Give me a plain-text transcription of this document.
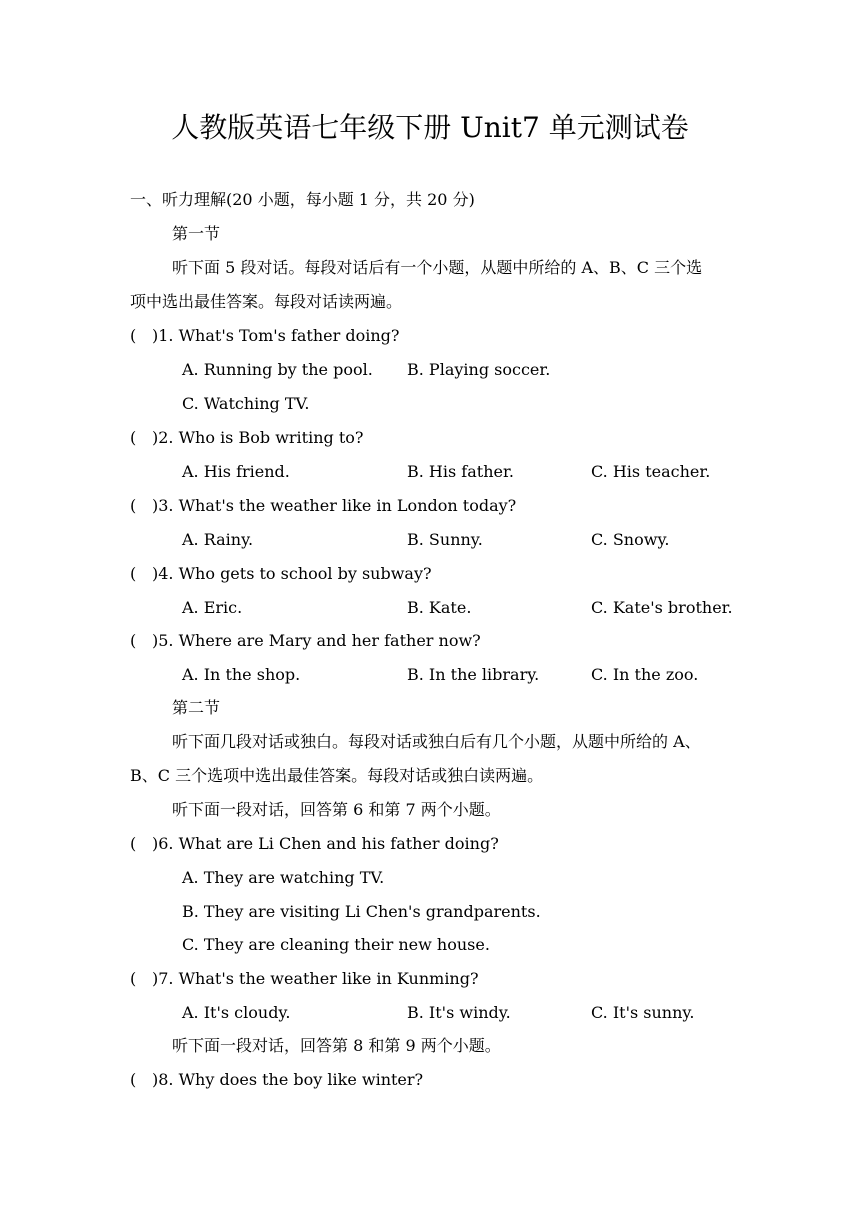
人教版英语七年级下册 Unit7 单元测试卷
一、听力理解(20 小题，每小题 1 分，共 20 分)
第一节
听下面 5 段对话。每段对话后有一个小题，从题中所给的 A、B、C 三个选
项中选出最佳答案。每段对话读两遍。
( )1. What's Tom's father doing?
A. Running by the pool. B. Playing soccer.
C. Watching TV.
( )2. Who is Bob writing to?
A. His friend.	B. His father.	C. His teacher.
( )3. What's the weather like in London today?
A. Rainy.	B. Sunny.	C. Snowy.
( )4. Who gets to school by subway?
A. Eric.	B. Kate.	C. Kate's brother.
( )5. Where are Mary and her father now?
A. In the shop.	B. In the library.	C. In the zoo.
第二节
听下面几段对话或独白。每段对话或独白后有几个小题，从题中所给的 A、
B、C 三个选项中选出最佳答案。每段对话或独白读两遍。
听下面一段对话，回答第 6 和第 7 两个小题。
( )6. What are Li Chen and his father doing?
A. They are watching TV.
B. They are visiting Li Chen's grandparents.
C. They are cleaning their new house.
( )7. What's the weather like in Kunming?
A. It's cloudy.	B. It's windy.	C. It's sunny.
听下面一段对话，回答第 8 和第 9 两个小题。
( )8. Why does the boy like winter?
